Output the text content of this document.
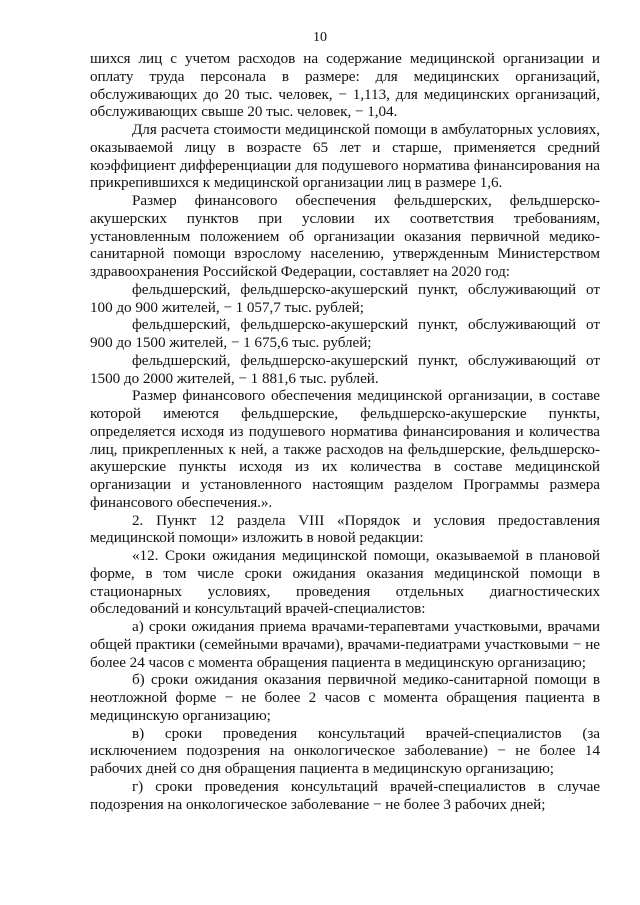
10

шихся лиц с учетом расходов на содержание медицинской организации и оплату труда персонала в размере: для медицинских организаций, обслуживающих до 20 тыс. человек, − 1,113, для медицинских организаций, обслуживающих свыше 20 тыс. человек, − 1,04.

Для расчета стоимости медицинской помощи в амбулаторных условиях, оказываемой лицу в возрасте 65 лет и старше, применяется средний коэффициент дифференциации для подушевого норматива финансирования на прикрепившихся к медицинской организации лиц в размере 1,6.

Размер финансового обеспечения фельдшерских, фельдшерско-акушерских пунктов при условии их соответствия требованиям, установленным положением об организации оказания первичной медико-санитарной помощи взрослому населению, утвержденным Министерством здравоохранения Российской Федерации, составляет на 2020 год:

фельдшерский, фельдшерско-акушерский пункт, обслуживающий от 100 до 900 жителей, − 1 057,7 тыс. рублей;

фельдшерский, фельдшерско-акушерский пункт, обслуживающий от 900 до 1500 жителей, − 1 675,6 тыс. рублей;

фельдшерский, фельдшерско-акушерский пункт, обслуживающий от 1500 до 2000 жителей, − 1 881,6 тыс. рублей.

Размер финансового обеспечения медицинской организации, в составе которой имеются фельдшерские, фельдшерско-акушерские пункты, определяется исходя из подушевого норматива финансирования и количества лиц, прикрепленных к ней, а также расходов на фельдшерские, фельдшерско-акушерские пункты исходя из их количества в составе медицинской организации и установленного настоящим разделом Программы размера финансового обеспечения.».

2. Пункт 12 раздела VIII «Порядок и условия предоставления медицинской помощи» изложить в новой редакции:

«12. Сроки ожидания медицинской помощи, оказываемой в плановой форме, в том числе сроки ожидания оказания медицинской помощи в стационарных условиях, проведения отдельных диагностических обследований и консультаций врачей-специалистов:

а) сроки ожидания приема врачами-терапевтами участковыми, врачами общей практики (семейными врачами), врачами-педиатрами участковыми − не более 24 часов с момента обращения пациента в медицинскую организацию;

б) сроки ожидания оказания первичной медико-санитарной помощи в неотложной форме − не более 2 часов с момента обращения пациента в медицинскую организацию;

в) сроки проведения консультаций врачей-специалистов (за исключением подозрения на онкологическое заболевание) − не более 14 рабочих дней со дня обращения пациента в медицинскую организацию;

г) сроки проведения консультаций врачей-специалистов в случае подозрения на онкологическое заболевание − не более 3 рабочих дней;
